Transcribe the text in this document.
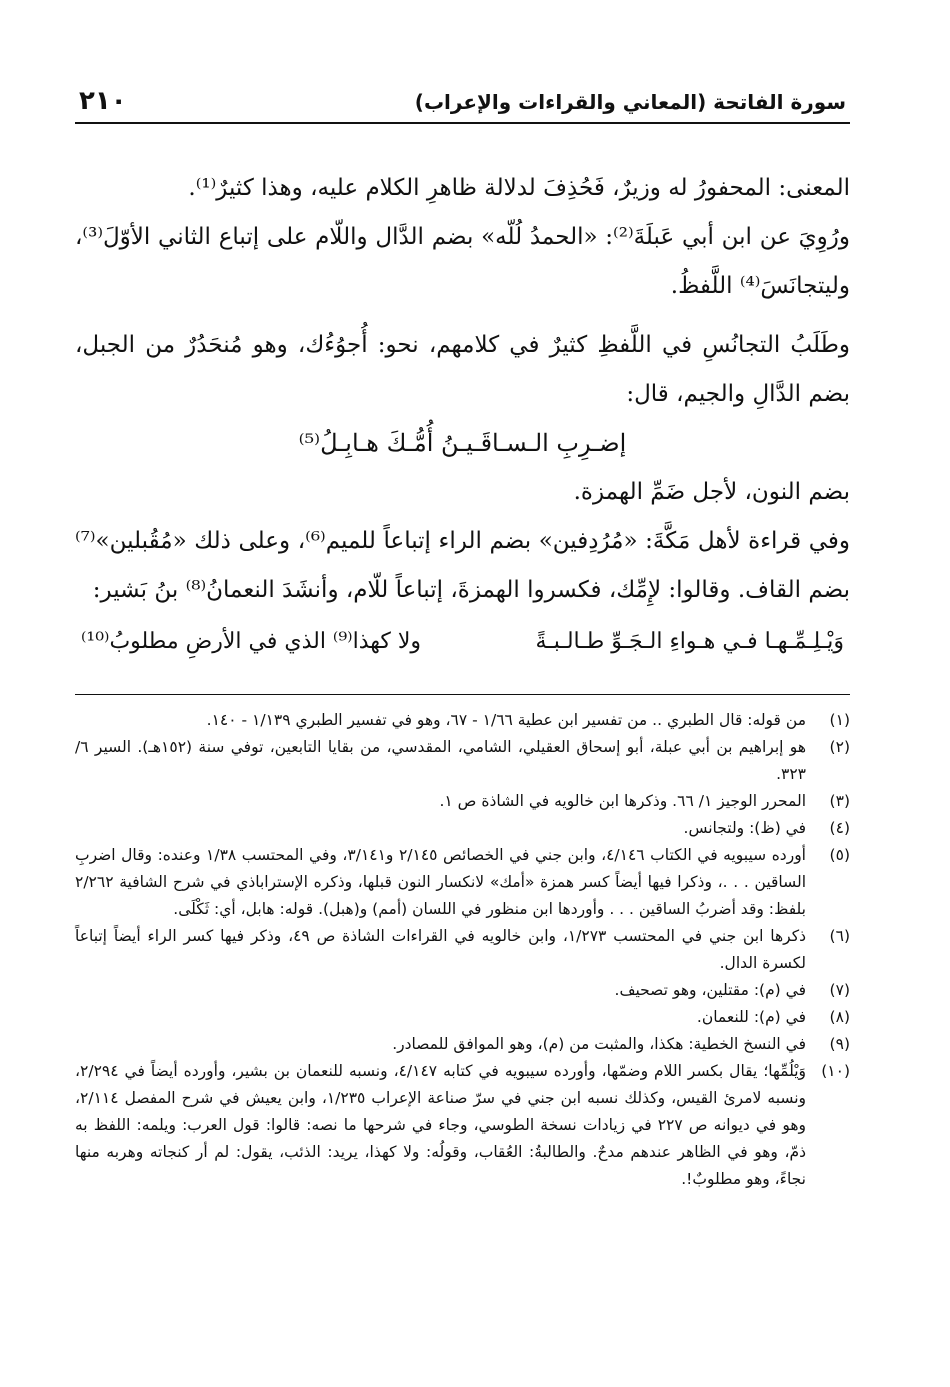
سورة الفاتحة (المعاني والقراءات والإعراب)
٢١٠

المعنى: المحفورُ له وزيرٌ، فَحُذِفَ لدلالة ظاهرِ الكلام عليه، وهذا كثيرٌ⁽¹⁾.

ورُوِيَ عن ابن أبي عَبلَةَ⁽²⁾: «الحمدُ لُلّه» بضم الدَّال واللّام على إتباع الثاني الأوّلَ⁽³⁾، وليتجانَسَ⁽⁴⁾ اللَّفظُ.

وطَلَبُ التجانُسِ في اللَّفظِ كثيرٌ في كلامهم، نحو: أُجوُءُك، وهو مُنحَدُرٌ من الجبل، بضم الدَّالِ والجيم، قال:

إضـرِبِ الـسـاقَـيـنُ أُمُّـكَ هـابِـلُ⁽⁵⁾

بضم النون، لأجل ضَمِّ الهمزة.

وفي قراءة لأهل مَكَّةَ: «مُرُدِفين» بضم الراء إتباعاً للميم⁽⁶⁾، وعلى ذلك «مُقُبلين»⁽⁷⁾ بضم القاف. وقالوا: لإِمِّك، فكسروا الهمزةَ، إتباعاً للّام، وأنشَدَ النعمانُ⁽⁸⁾ بنُ بَشير:

وَيْـلِـمِّـهـا فـي هـواءِ الـجَـوِّ طـالـبـةً
ولا كهذا⁽⁹⁾ الذي في الأرضِ مطلوبُ⁽¹⁰⁾
(١)
من قوله: قال الطبري .. من تفسير ابن عطية ١/٦٦ - ٦٧، وهو في تفسير الطبري ١/١٣٩ - ١٤٠.
(٢)
هو إبراهيم بن أبي عبلة، أبو إسحاق العقيلي، الشامي، المقدسي، من بقايا التابعين، توفي سنة (١٥٢هـ). السير ٦/ ٣٢٣.
(٣)
المحرر الوجيز ١/ ٦٦. وذكرها ابن خالويه في الشاذة ص ١.
(٤)
في (ظ): ولتجانس.
(٥)
أورده سيبويه في الكتاب ٤/١٤٦، وابن جني في الخصائص ٢/١٤٥ و٣/١٤١، وفي المحتسب ١/٣٨ وعنده: وقال اضربِ الساقين . . .، وذكرا فيها أيضاً كسر همزة «أمك» لانكسار النون قبلها، وذكره الإستراباذي في شرح الشافية ٢/٢٦٢ بلفظ: وقد أضربُ الساقين . . . وأوردها ابن منظور في اللسان (أمم) و(هبل). قوله: هابل، أي: ثَكْلَى.
(٦)
ذكرها ابن جني في المحتسب ١/٢٧٣، وابن خالويه في القراءات الشاذة ص ٤٩، وذكر فيها كسر الراء أيضاً إتباعاً لكسرة الدال.
(٧)
في (م): مقتلين، وهو تصحيف.
(٨)
في (م): للنعمان.
(٩)
في النسخ الخطية: هكذا، والمثبت من (م)، وهو الموافق للمصادر.
(١٠)
وَيْلُمِّها؛ يقال بكسر اللام وضمّها، وأورده سيبويه في كتابه ٤/١٤٧، ونسبه للنعمان بن بشير، وأورده أيضاً في ٢/٢٩٤، ونسبه لامرئ القيس، وكذلك نسبه ابن جني في سرّ صناعة الإعراب ١/٢٣٥، وابن يعيش في شرح المفصل ٢/١١٤، وهو في ديوانه ص ٢٢٧ في زيادات نسخة الطوسي، وجاء في شرحها ما نصه: قالوا: قول العرب: ويلمه: اللفظ به ذمّ، وهو في الظاهر عندهم مدحٌ. والطالبةُ: العُقاب، وقولُه: ولا كهذا، يريد: الذئب، يقول: لم أر كنجاته وهربه منها نجاءً، وهو مطلوبٌ!.
